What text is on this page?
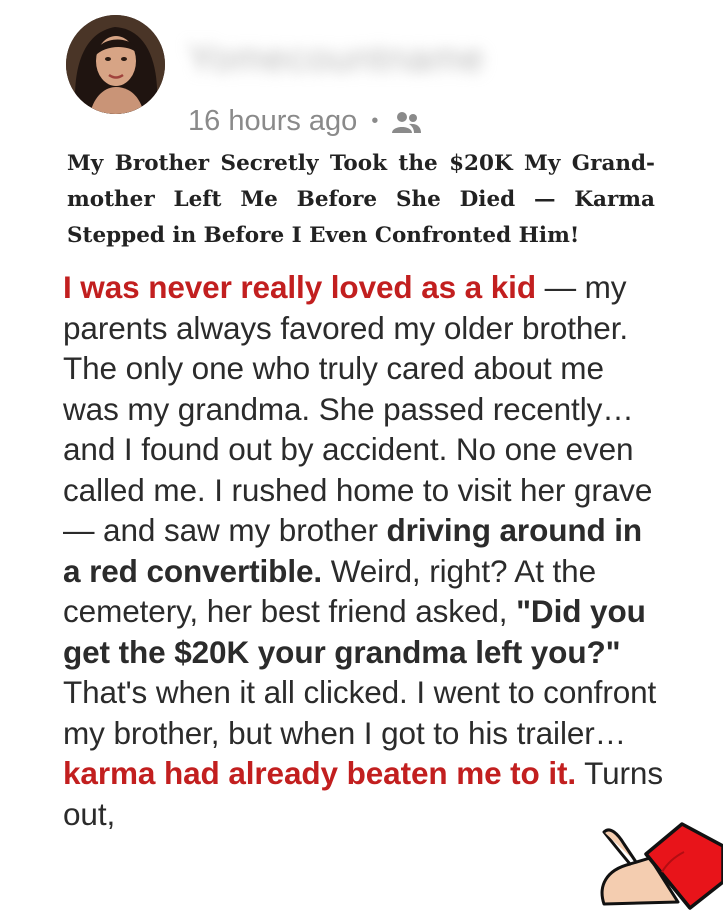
Yomecountname
16 hours ago •
My Brother Secretly Took the $20K My Grand-mother Left Me Before She Died — Karma Stepped in Before I Even Confronted Him!
I was never really loved as a kid — my parents always favored my older brother. The only one who truly cared about me was my grandma. She passed recently… and I found out by accident. No one even called me. I rushed home to visit her grave — and saw my brother driving around in a red convertible. Weird, right? At the cemetery, her best friend asked, "Did you get the $20K your grandma left you?" That's when it all clicked. I went to confront my brother, but when I got to his trailer… karma had already beaten me to it. Turns out,
